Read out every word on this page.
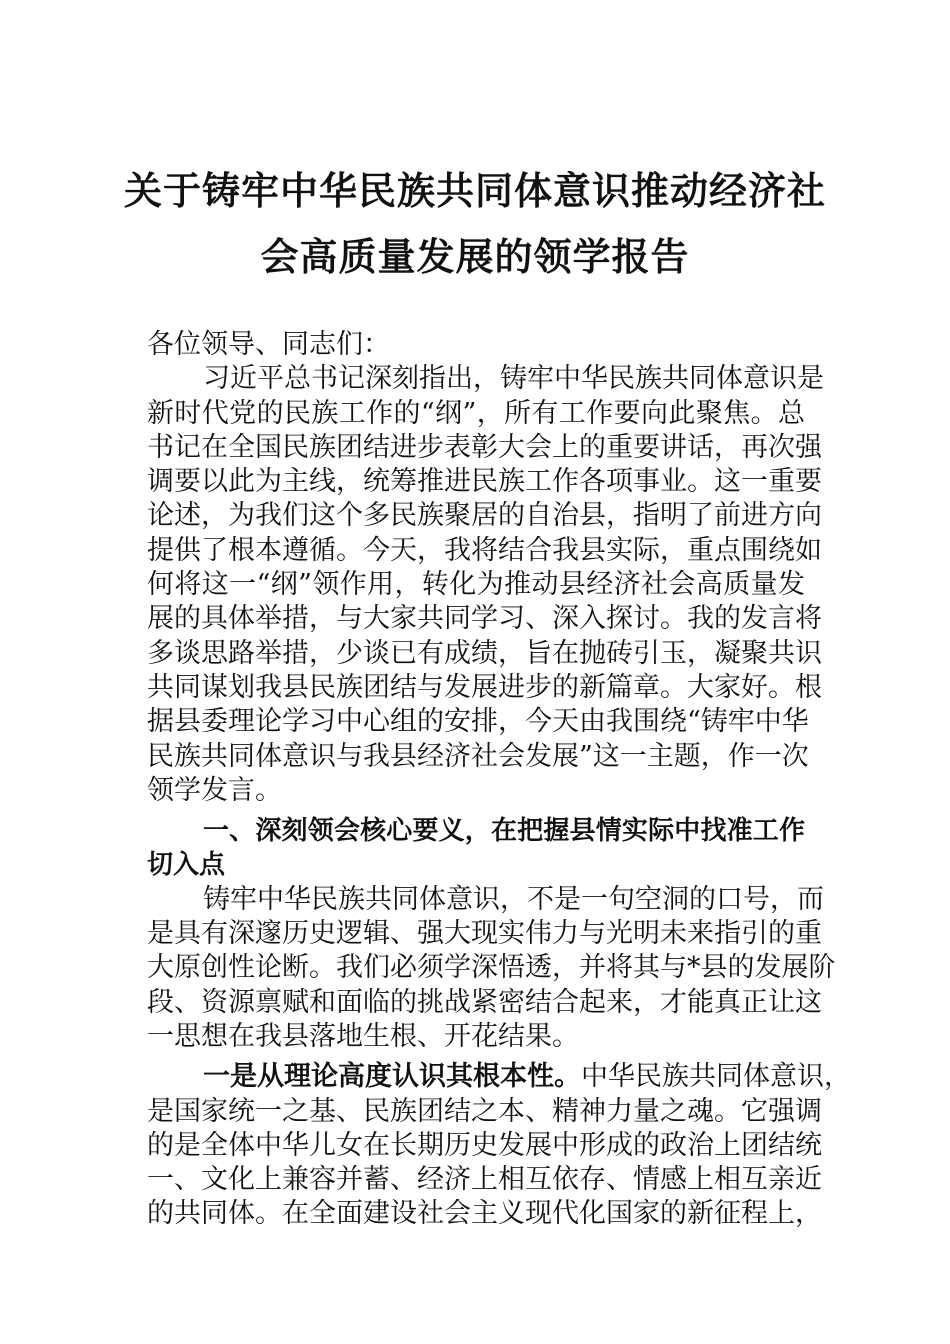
关于铸牢中华民族共同体意识推动经济社
会高质量发展的领学报告
各位领导、同志们：
习近平总书记深刻指出，铸牢中华民族共同体意识是
新时代党的民族工作的“纲”，所有工作要向此聚焦。总
书记在全国民族团结进步表彰大会上的重要讲话，再次强
调要以此为主线，统筹推进民族工作各项事业。这一重要
论述，为我们这个多民族聚居的自治县，指明了前进方向
提供了根本遵循。今天，我将结合我县实际，重点围绕如
何将这一“纲”领作用，转化为推动县经济社会高质量发
展的具体举措，与大家共同学习、深入探讨。我的发言将
多谈思路举措，少谈已有成绩，旨在抛砖引玉，凝聚共识
共同谋划我县民族团结与发展进步的新篇章。大家好。根
据县委理论学习中心组的安排，今天由我围绕“铸牢中华
民族共同体意识与我县经济社会发展”这一主题，作一次
领学发言。
一、深刻领会核心要义，在把握县情实际中找准工作
切入点
铸牢中华民族共同体意识，不是一句空洞的口号，而
是具有深邃历史逻辑、强大现实伟力与光明未来指引的重
大原创性论断。我们必须学深悟透，并将其与*县的发展阶
段、资源禀赋和面临的挑战紧密结合起来，才能真正让这
一思想在我县落地生根、开花结果。
一是从理论高度认识其根本性。中华民族共同体意识，
是国家统一之基、民族团结之本、精神力量之魂。它强调
的是全体中华儿女在长期历史发展中形成的政治上团结统
一、文化上兼容并蓄、经济上相互依存、情感上相互亲近
的共同体。在全面建设社会主义现代化国家的新征程上，
